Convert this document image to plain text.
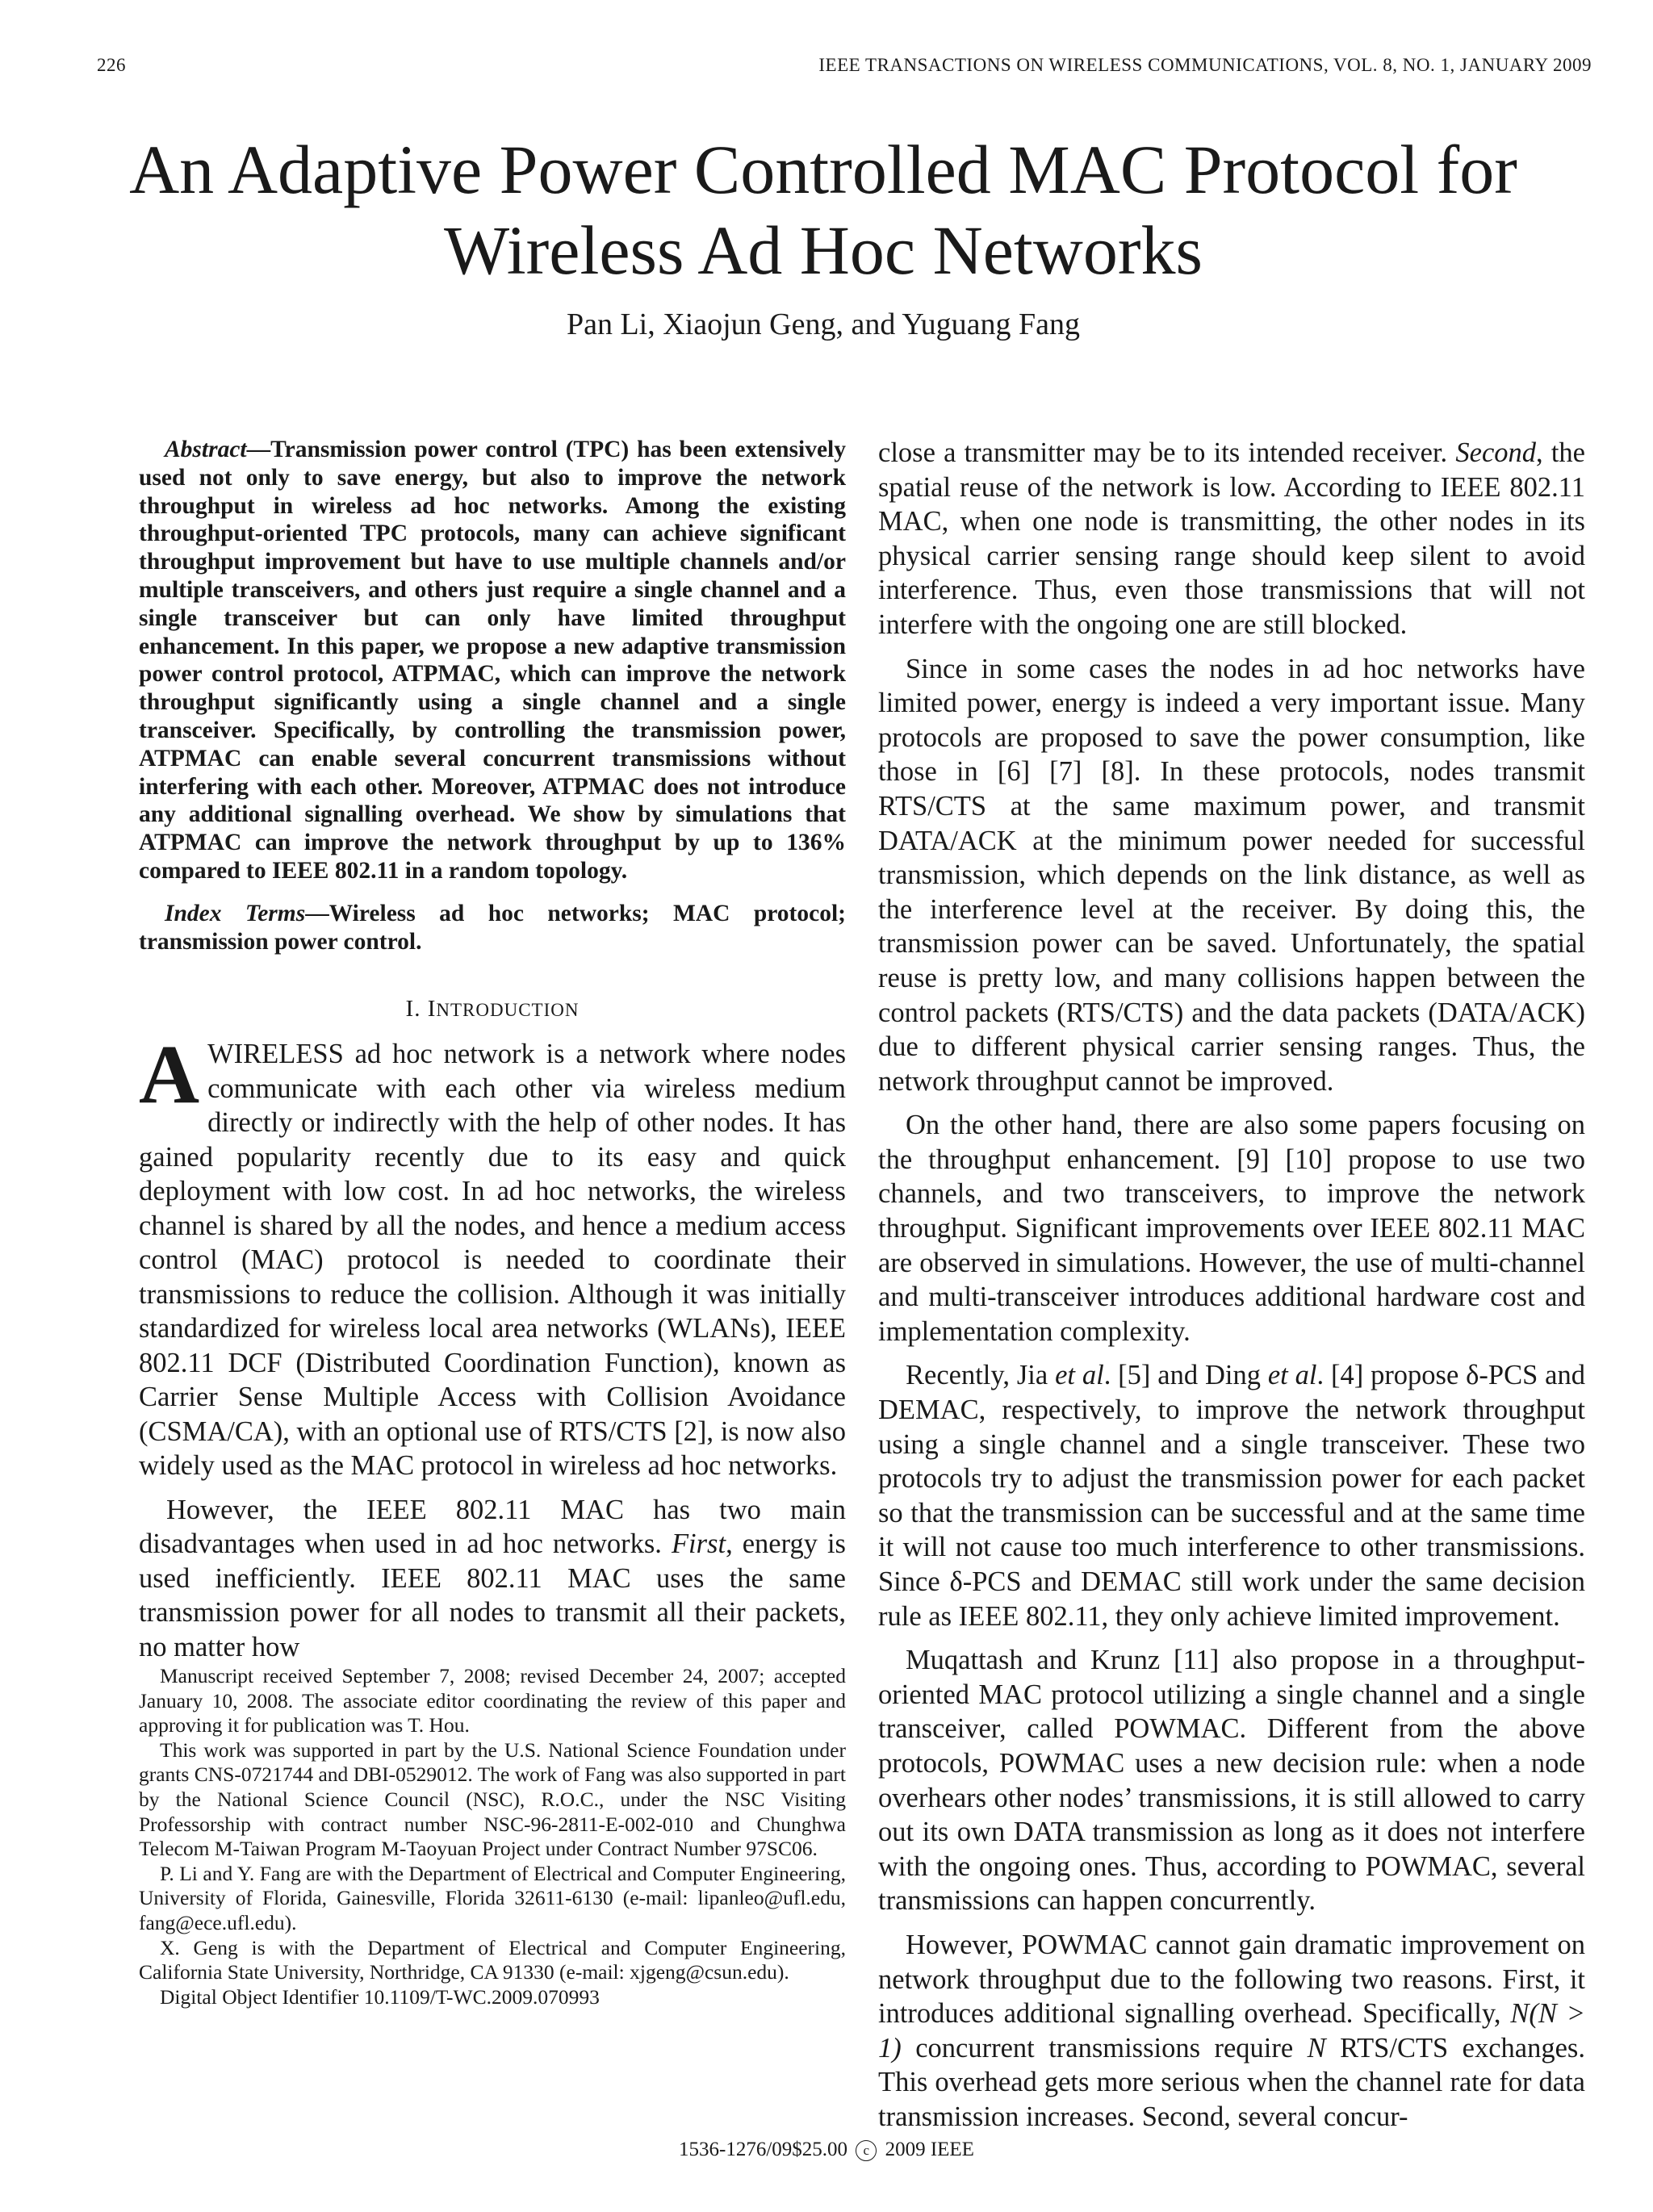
226	IEEE TRANSACTIONS ON WIRELESS COMMUNICATIONS, VOL. 8, NO. 1, JANUARY 2009
An Adaptive Power Controlled MAC Protocol for
Wireless Ad Hoc Networks
Pan Li, Xiaojun Geng, and Yuguang Fang

Abstract—Transmission power control (TPC) has been extensively used not only to save energy, but also to improve the network throughput in wireless ad hoc networks. Among the existing throughput-oriented TPC protocols, many can achieve significant throughput improvement but have to use multiple channels and/or multiple transceivers, and others just require a single channel and a single transceiver but can only have limited throughput enhancement. In this paper, we propose a new adaptive transmission power control protocol, ATPMAC, which can improve the network throughput significantly using a single channel and a single transceiver. Specifically, by controlling the transmission power, ATPMAC can enable several concurrent transmissions without interfering with each other. Moreover, ATPMAC does not introduce any additional signalling overhead. We show by simulations that ATPMAC can improve the network throughput by up to 136% compared to IEEE 802.11 in a random topology.

Index Terms—Wireless ad hoc networks; MAC protocol; transmission power control.

I. INTRODUCTION

AWIRELESS ad hoc network is a network where nodes communicate with each other via wireless medium directly or indirectly with the help of other nodes. It has gained popularity recently due to its easy and quick deployment with low cost. In ad hoc networks, the wireless channel is shared by all the nodes, and hence a medium access control (MAC) protocol is needed to coordinate their transmissions to reduce the collision. Although it was initially standardized for wireless local area networks (WLANs), IEEE 802.11 DCF (Distributed Coordination Function), known as Carrier Sense Multiple Access with Collision Avoidance (CSMA/CA), with an optional use of RTS/CTS [2], is now also widely used as the MAC protocol in wireless ad hoc networks.

However, the IEEE 802.11 MAC has two main disadvantages when used in ad hoc networks. First, energy is used inefficiently. IEEE 802.11 MAC uses the same transmission power for all nodes to transmit all their packets, no matter how

Manuscript received September 7, 2008; revised December 24, 2007; accepted January 10, 2008. The associate editor coordinating the review of this paper and approving it for publication was T. Hou.

This work was supported in part by the U.S. National Science Foundation under grants CNS-0721744 and DBI-0529012. The work of Fang was also supported in part by the National Science Council (NSC), R.O.C., under the NSC Visiting Professorship with contract number NSC-96-2811-E-002-010 and Chunghwa Telecom M-Taiwan Program M-Taoyuan Project under Contract Number 97SC06.

P. Li and Y. Fang are with the Department of Electrical and Computer Engineering, University of Florida, Gainesville, Florida 32611-6130 (e-mail: lipanleo@ufl.edu, fang@ece.ufl.edu).

X. Geng is with the Department of Electrical and Computer Engineering, California State University, Northridge, CA 91330 (e-mail: xjgeng@csun.edu).

Digital Object Identifier 10.1109/T-WC.2009.070993

close a transmitter may be to its intended receiver. Second, the spatial reuse of the network is low. According to IEEE 802.11 MAC, when one node is transmitting, the other nodes in its physical carrier sensing range should keep silent to avoid interference. Thus, even those transmissions that will not interfere with the ongoing one are still blocked.

Since in some cases the nodes in ad hoc networks have limited power, energy is indeed a very important issue. Many protocols are proposed to save the power consumption, like those in [6] [7] [8]. In these protocols, nodes transmit RTS/CTS at the same maximum power, and transmit DATA/ACK at the minimum power needed for successful transmission, which depends on the link distance, as well as the interference level at the receiver. By doing this, the transmission power can be saved. Unfortunately, the spatial reuse is pretty low, and many collisions happen between the control packets (RTS/CTS) and the data packets (DATA/ACK) due to different physical carrier sensing ranges. Thus, the network throughput cannot be improved.

On the other hand, there are also some papers focusing on the throughput enhancement. [9] [10] propose to use two channels, and two transceivers, to improve the network throughput. Significant improvements over IEEE 802.11 MAC are observed in simulations. However, the use of multi-channel and multi-transceiver introduces additional hardware cost and implementation complexity.

Recently, Jia et al. [5] and Ding et al. [4] propose δ-PCS and DEMAC, respectively, to improve the network throughput using a single channel and a single transceiver. These two protocols try to adjust the transmission power for each packet so that the transmission can be successful and at the same time it will not cause too much interference to other transmissions. Since δ-PCS and DEMAC still work under the same decision rule as IEEE 802.11, they only achieve limited improvement.

Muqattash and Krunz [11] also propose in a throughput-oriented MAC protocol utilizing a single channel and a single transceiver, called POWMAC. Different from the above protocols, POWMAC uses a new decision rule: when a node overhears other nodes’ transmissions, it is still allowed to carry out its own DATA transmission as long as it does not interfere with the ongoing ones. Thus, according to POWMAC, several transmissions can happen concurrently.

However, POWMAC cannot gain dramatic improvement on network throughput due to the following two reasons. First, it introduces additional signalling overhead. Specifically, N(N > 1) concurrent transmissions require N RTS/CTS exchanges. This overhead gets more serious when the channel rate for data transmission increases. Second, several concur-

1536-1276/09$25.00 c 2009 IEEE
